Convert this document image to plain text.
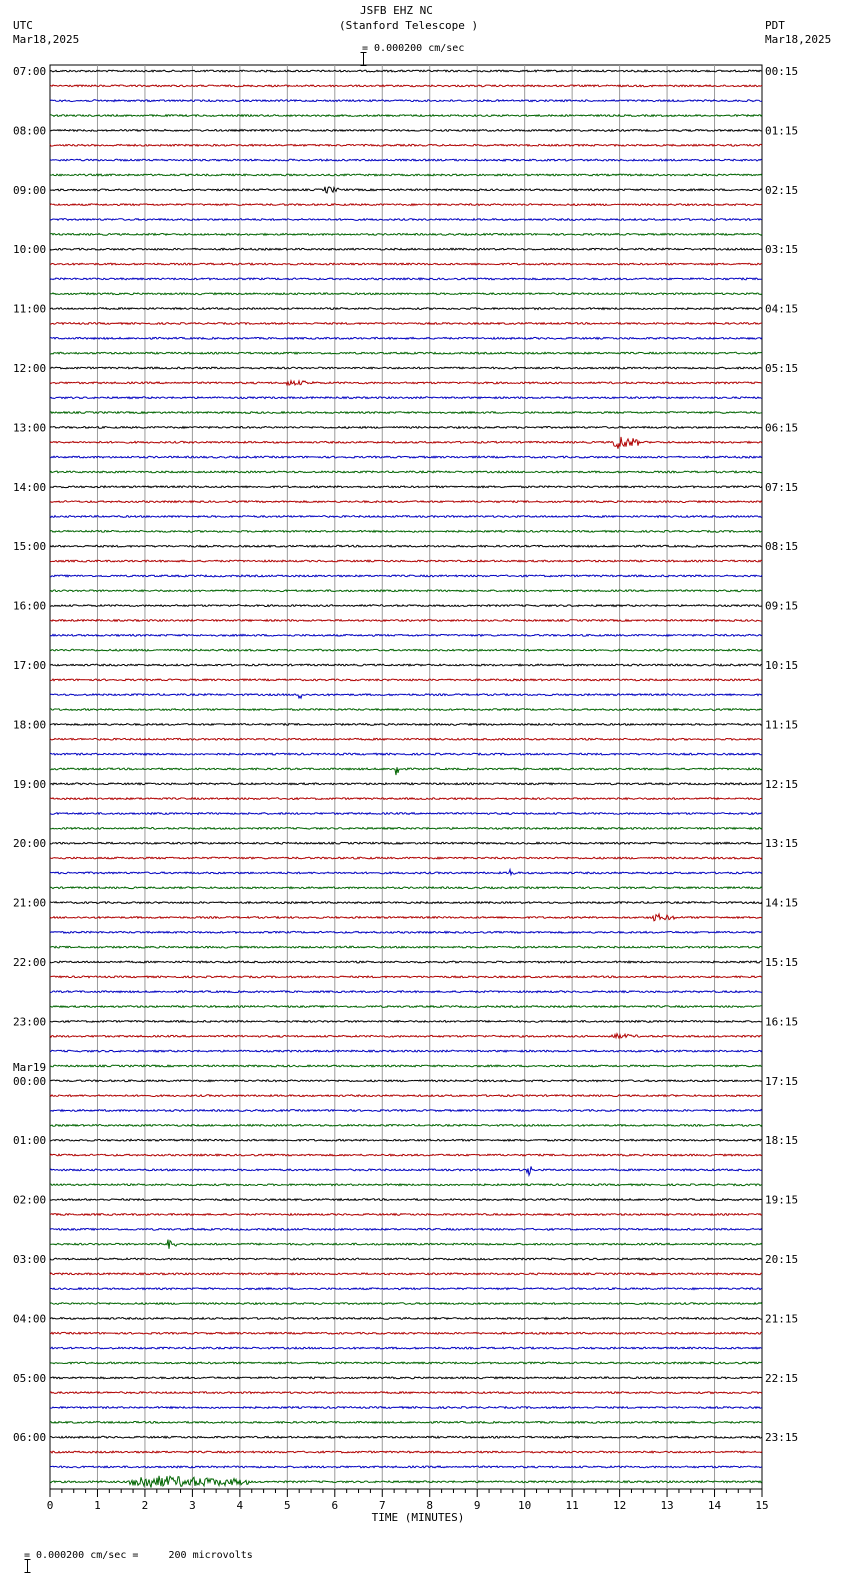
JSFB EHZ NC
(Stanford Telescope )

= 0.000200 cm/sec
UTC
Mar18,2025
PDT
Mar18,2025
07:00
08:00
09:00
10:00
11:00
12:00
13:00
14:00
15:00
16:00
17:00
18:00
19:00
20:00
21:00
22:00
23:00
00:00
Mar19
01:00
02:00
03:00
04:00
05:00
06:00
00:15
01:15
02:15
03:15
04:15
05:15
06:15
07:15
08:15
09:15
10:15
11:15
12:15
13:15
14:15
15:15
16:15
17:15
18:15
19:15
20:15
21:15
22:15
23:15
0	1	2	3	4	5	6	7	8	9	10	11	12	13	14	15
TIME (MINUTES)

= 0.000200 cm/sec =     200 microvolts
